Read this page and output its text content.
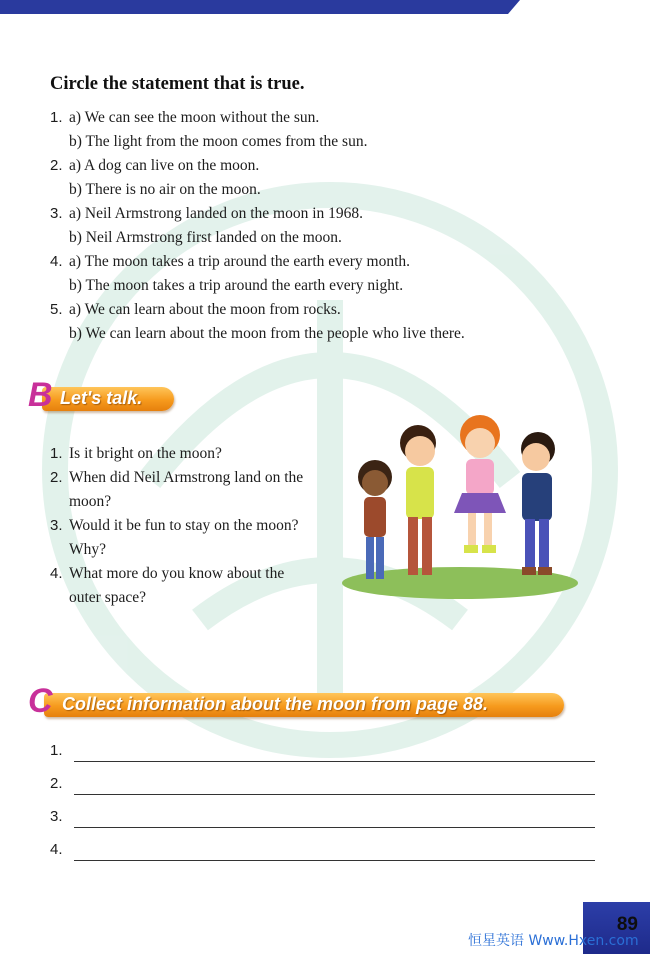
Circle the statement that is true.
1. a) We can see the moon without the sun.
b) The light from the moon comes from the sun.
2. a) A dog can live on the moon.
b) There is no air on the moon.
3. a) Neil Armstrong landed on the moon in 1968.
b) Neil Armstrong first landed on the moon.
4. a) The moon takes a trip around the earth every month.
b) The moon takes a trip around the earth every night.
5. a) We can learn about the moon from rocks.
b) We can learn about the moon from the people who live there.
B Let's talk.
1. Is it bright on the moon?
2. When did Neil Armstrong land on the
moon?
3. Would it be fun to stay on the moon?
Why?
4. What more do you know about the
outer space?
C Collect information about the moon from page 88.
1.
2.
3.
4.
89
恒星英语 Www.Hxen.com
